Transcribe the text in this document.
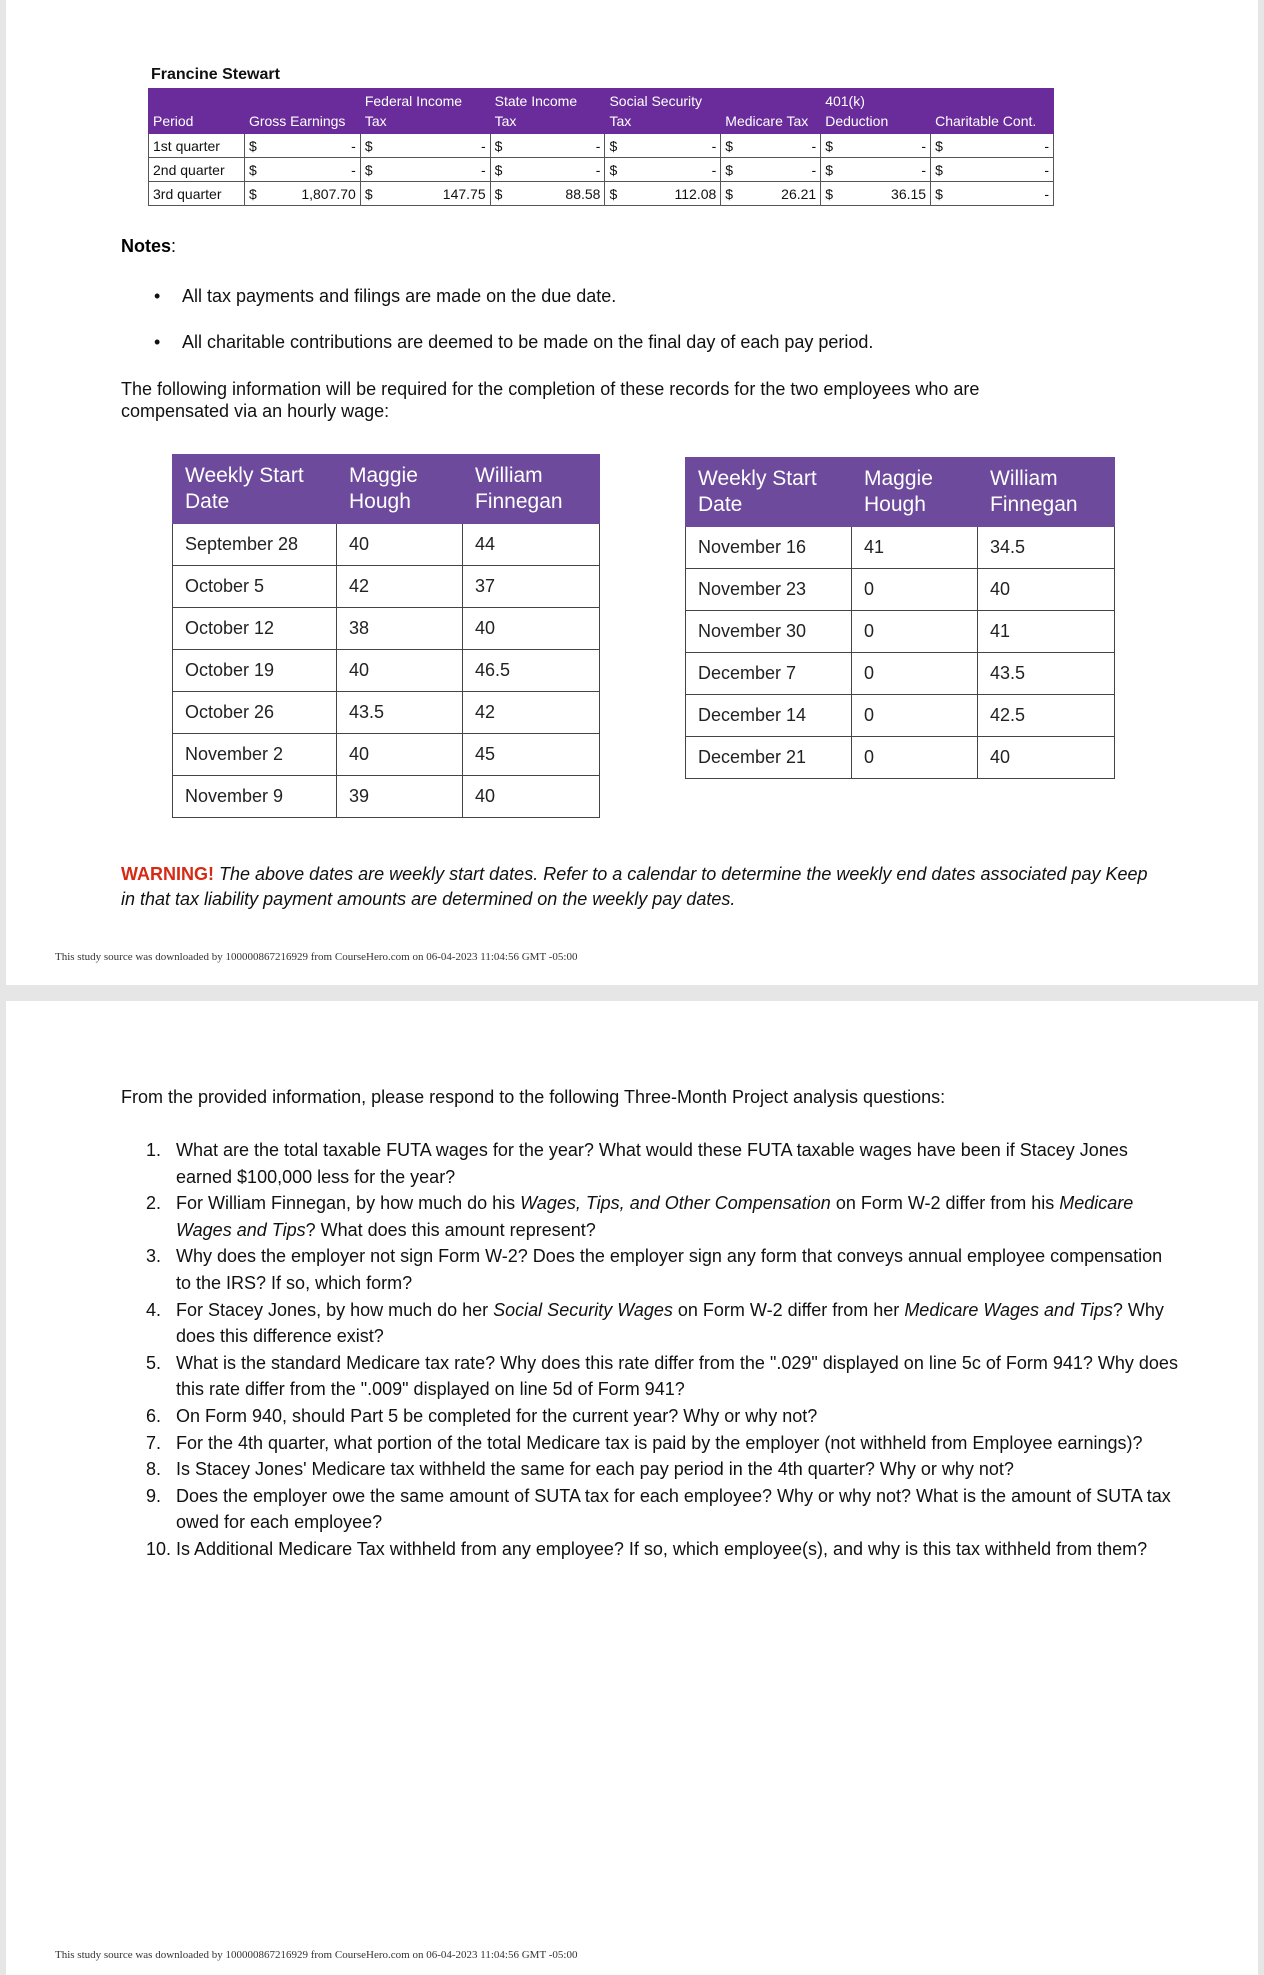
Francine Stewart
Period	Gross Earnings	Federal Income Tax	State Income Tax	Social Security Tax	Medicare Tax	401(k) Deduction	Charitable Cont.
1st quarter	$ -	$ -	$ -	$ -	$ -	$ -	$ -

2nd quarter	$ -	$ -	$ -	$ -	$ -	$ -	$ -

3rd quarter	$ 1,807.70	$ 147.75	$ 88.58	$ 112.08	$ 26.21	$ 36.15	$ -
Notes:
• All tax payments and filings are made on the due date.
• All charitable contributions are deemed to be made on the final day of each pay period.
The following information will be required for the completion of these records for the two employees who are compensated via an hourly wage:
Weekly Start Date	Maggie Hough	William Finnegan
September 28	40	44
October 5	42	37
October 12	38	40
October 19	40	46.5
October 26	43.5	42
November 2	40	45
November 9	39	40
Weekly Start Date	Maggie Hough	William Finnegan
November 16	41	34.5
November 23	0	40
November 30	0	41
December 7	0	43.5
December 14	0	42.5
December 21	0	40
WARNING! The above dates are weekly start dates. Refer to a calendar to determine the weekly end dates associated pay Keep in that tax liability payment amounts are determined on the weekly pay dates.
This study source was downloaded by 100000867216929 from CourseHero.com on 06-04-2023 11:04:56 GMT -05:00
From the provided information, please respond to the following Three-Month Project analysis questions:
1. What are the total taxable FUTA wages for the year? What would these FUTA taxable wages have been if Stacey Jones earned $100,000 less for the year?
2. For William Finnegan, by how much do his Wages, Tips, and Other Compensation on Form W-2 differ from his Medicare Wages and Tips? What does this amount represent?
3. Why does the employer not sign Form W-2? Does the employer sign any form that conveys annual employee compensation to the IRS? If so, which form?
4. For Stacey Jones, by how much do her Social Security Wages on Form W-2 differ from her Medicare Wages and Tips? Why does this difference exist?
5. What is the standard Medicare tax rate? Why does this rate differ from the ".029" displayed on line 5c of Form 941? Why does this rate differ from the ".009" displayed on line 5d of Form 941?
6. On Form 940, should Part 5 be completed for the current year? Why or why not?
7. For the 4th quarter, what portion of the total Medicare tax is paid by the employer (not withheld from Employee earnings)?
8. Is Stacey Jones' Medicare tax withheld the same for each pay period in the 4th quarter? Why or why not?
9. Does the employer owe the same amount of SUTA tax for each employee? Why or why not? What is the amount of SUTA tax owed for each employee?
10. Is Additional Medicare Tax withheld from any employee? If so, which employee(s), and why is this tax withheld from them?
This study source was downloaded by 100000867216929 from CourseHero.com on 06-04-2023 11:04:56 GMT -05:00
